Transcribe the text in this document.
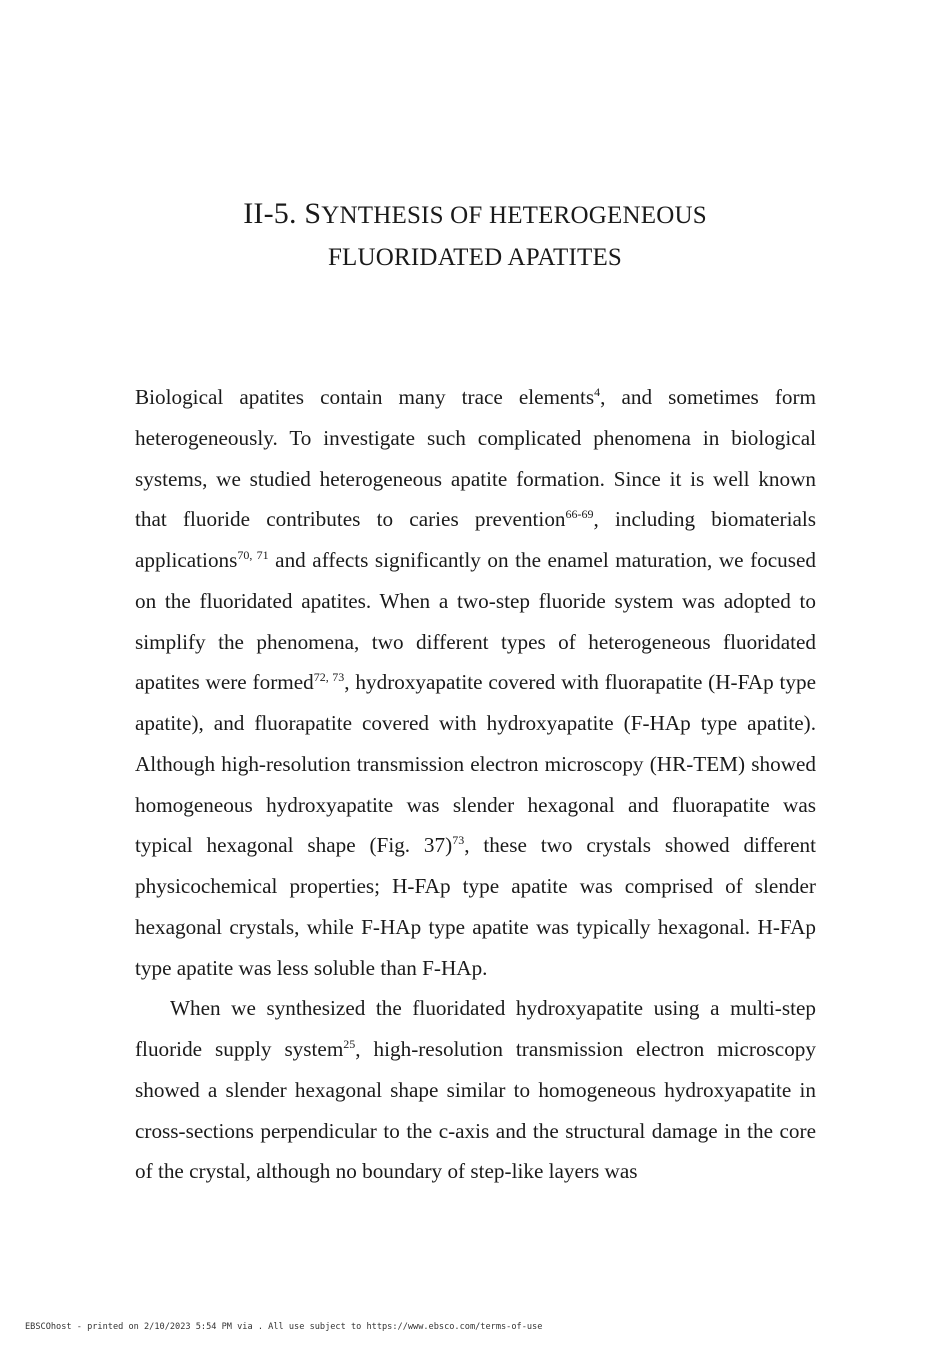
II-5. SYNTHESIS OF HETEROGENEOUS
FLUORIDATED APATITES

Biological apatites contain many trace elements$^4$, and sometimes form heterogeneously. To investigate such complicated phenomena in biological systems, we studied heterogeneous apatite formation. Since it is well known that fluoride contributes to caries prevention$^{66-69}$, including biomaterials applications$^{70, 71}$ and affects significantly on the enamel maturation, we focused on the fluoridated apatites. When a two-step fluoride system was adopted to simplify the phenomena, two different types of heterogeneous fluoridated apatites were formed$^{72, 73}$, hydroxyapatite covered with fluorapatite (H-FAp type apatite), and fluorapatite covered with hydroxyapatite (F-HAp type apatite). Although high-resolution transmission electron microscopy (HR-TEM) showed homogeneous hydroxyapatite was slender hexagonal and fluorapatite was typical hexagonal shape (Fig. 37)$^{73}$, these two crystals showed different physicochemical properties; H-FAp type apatite was comprised of slender hexagonal crystals, while F-HAp type apatite was typically hexagonal. H-FAp type apatite was less soluble than F-HAp.

When we synthesized the fluoridated hydroxyapatite using a multi-step fluoride supply system$^{25}$, high-resolution transmission electron microscopy showed a slender hexagonal shape similar to homogeneous hydroxyapatite in cross-sections perpendicular to the c-axis and the structural damage in the core of the crystal, although no boundary of step-like layers was

EBSCOhost - printed on 2/10/2023 5:54 PM via . All use subject to https://www.ebsco.com/terms-of-use
